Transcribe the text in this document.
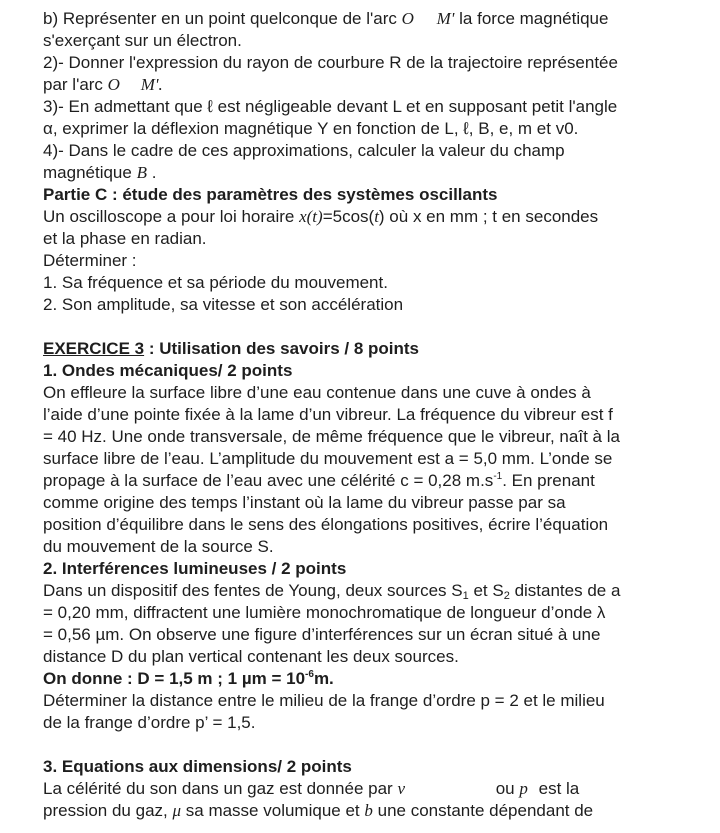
b) Représenter en un point quelconque de l'arc O M' la force magnétique
s'exerçant sur un électron.
2)- Donner l'expression du rayon de courbure R de la trajectoire représentée
par l'arc O M'.
3)- En admettant que ℓ est négligeable devant L et en supposant petit l'angle
α, exprimer la déflexion magnétique Y en fonction de L, ℓ, B, e, m et v0.
4)- Dans le cadre de ces approximations, calculer la valeur du champ
magnétique B .
Partie C : étude des paramètres des systèmes oscillants
Un oscilloscope a pour loi horaire x(t)=5cos(t) où x en mm ; t en secondes
et la phase en radian.
Déterminer :
1. Sa fréquence et sa période du mouvement.
2. Son amplitude, sa vitesse et son accélération
EXERCICE 3 : Utilisation des savoirs / 8 points
1. Ondes mécaniques/ 2 points
On effleure la surface libre d’une eau contenue dans une cuve à ondes à
l’aide d’une pointe fixée à la lame d’un vibreur. La fréquence du vibreur est f
= 40 Hz. Une onde transversale, de même fréquence que le vibreur, naît à la
surface libre de l’eau. L’amplitude du mouvement est a = 5,0 mm. L’onde se
propage à la surface de l’eau avec une célérité c = 0,28 $m.s^{-1}$. En prenant
comme origine des temps l’instant où la lame du vibreur passe par sa
position d’équilibre dans le sens des élongations positives, écrire l’équation
du mouvement de la source S.
2. Interférences lumineuses / 2 points
Dans un dispositif des fentes de Young, deux sources $S_1$ et $S_2$ distantes de a
= 0,20 mm, diffractent une lumière monochromatique de longueur d’onde λ
= 0,56 µm. On observe une figure d’interférences sur un écran situé à une
distance D du plan vertical contenant les deux sources.
On donne : D = 1,5 m ; 1 $\mu m = 10^{-6}m$.
Déterminer la distance entre le milieu de la frange d’ordre p = 2 et le milieu
de la frange d’ordre p’ = 1,5.
3. Equations aux dimensions/ 2 points
La célérité du son dans un gaz est donnée par v	ou p est la
pression du gaz, μ sa masse volumique et b une constante dépendant de
